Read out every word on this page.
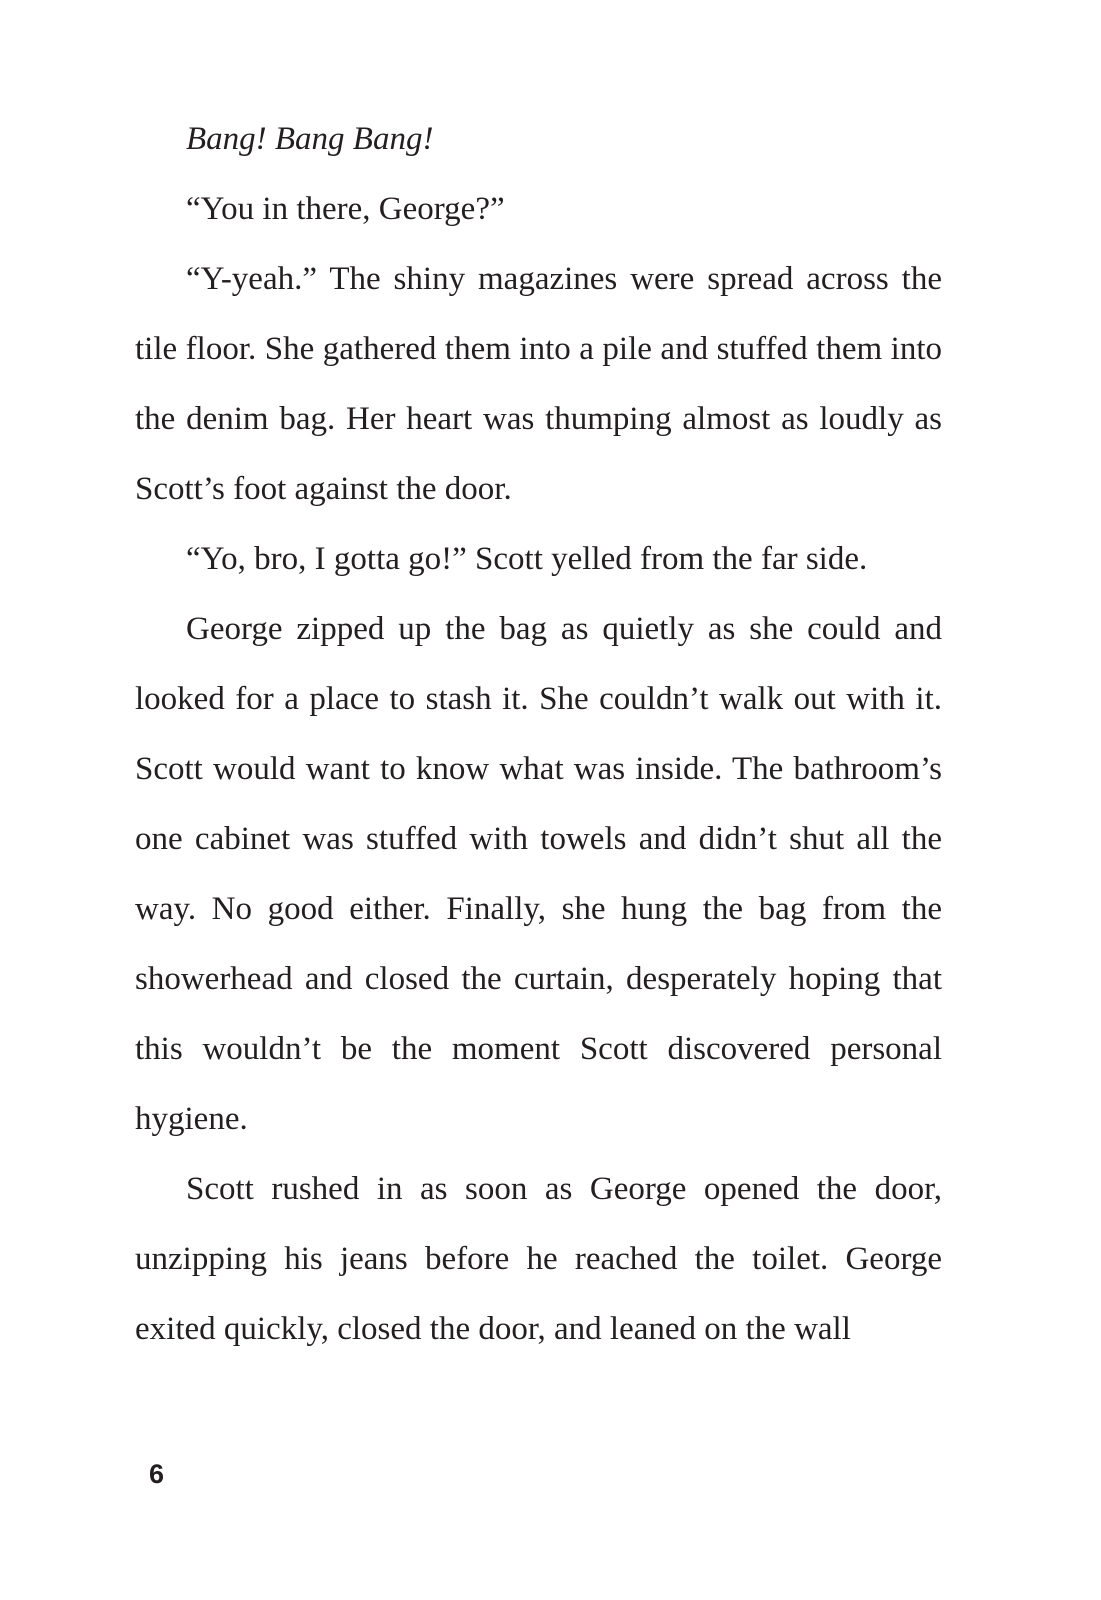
Bang! Bang Bang!

“You in there, George?”

“Y-yeah.” The shiny magazines were spread across the tile floor. She gathered them into a pile and stuffed them into the denim bag. Her heart was thumping almost as loudly as Scott’s foot against the door.

“Yo, bro, I gotta go!” Scott yelled from the far side.

George zipped up the bag as quietly as she could and looked for a place to stash it. She couldn’t walk out with it. Scott would want to know what was inside. The bathroom’s one cabinet was stuffed with towels and didn’t shut all the way. No good either. Finally, she hung the bag from the showerhead and closed the curtain, desperately hoping that this wouldn’t be the moment Scott discovered personal hygiene.

Scott rushed in as soon as George opened the door, unzipping his jeans before he reached the toilet. George exited quickly, closed the door, and leaned on the wall

6
